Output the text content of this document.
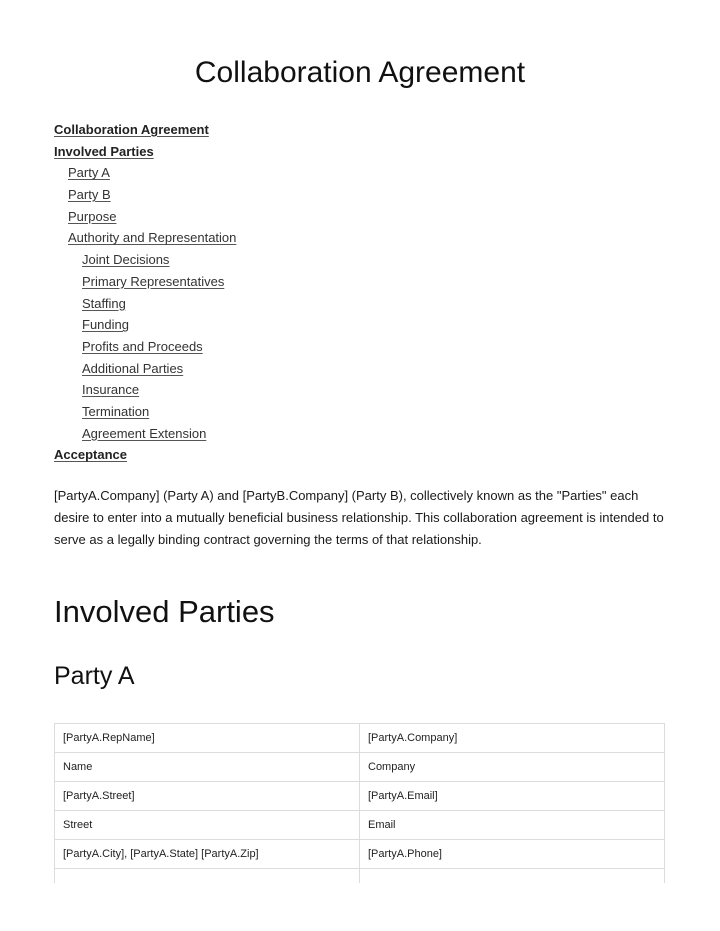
Collaboration Agreement
Collaboration Agreement
Involved Parties
Party A
Party B
Purpose
Authority and Representation
Joint Decisions
Primary Representatives
Staffing
Funding
Profits and Proceeds
Additional Parties
Insurance
Termination
Agreement Extension
Acceptance

[PartyA.Company] (Party A) and [PartyB.Company] (Party B), collectively known as the "Parties" each desire to enter into a mutually beneficial business relationship. This collaboration agreement is intended to serve as a legally binding contract governing the terms of that relationship.

Involved Parties
Party A
[PartyA.RepName]	[PartyA.Company]
Name	Company
[PartyA.Street]	[PartyA.Email]
Street	Email
[PartyA.City], [PartyA.State] [PartyA.Zip]	[PartyA.Phone]
